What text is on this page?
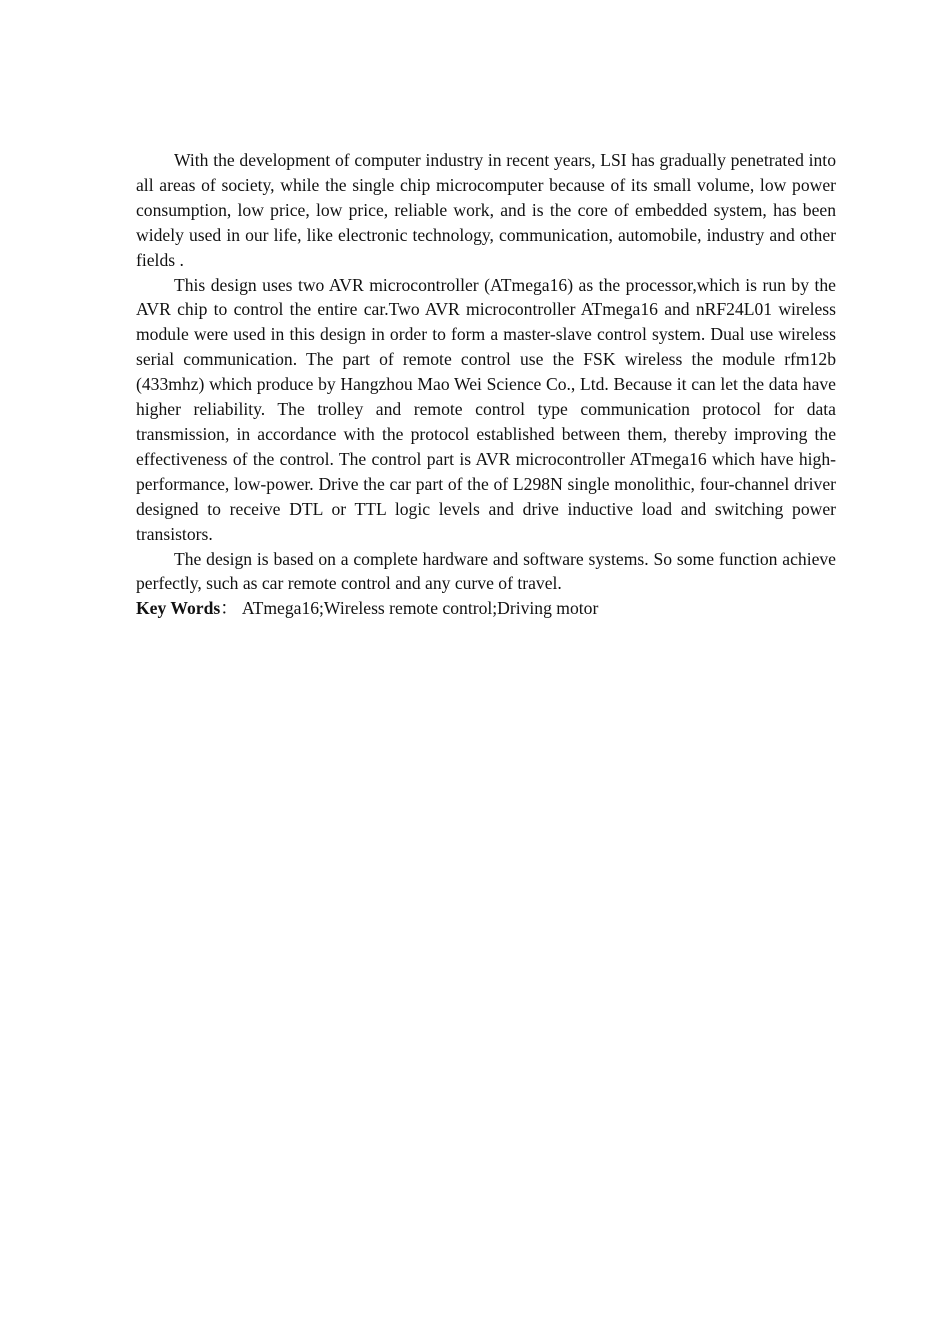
With the development of computer industry in recent years, LSI has gradually penetrated into all areas of society, while the single chip microcomputer because of its small volume, low power consumption, low price, low price, reliable work, and is the core of embedded system, has been widely used in our life, like electronic technology, communication, automobile, industry and other fields .

This design uses two AVR microcontroller (ATmega16) as the processor,which is run by the AVR chip to control the entire car.Two AVR microcontroller ATmega16 and nRF24L01 wireless module were used in this design in order to form a master-slave control system. Dual use wireless serial communication. The part of remote control use the FSK wireless the module rfm12b (433mhz) which produce by Hangzhou Mao Wei Science Co., Ltd. Because it can let the data have higher reliability. The trolley and remote control type communication protocol for data transmission, in accordance with the protocol established between them, thereby improving the effectiveness of the control. The control part is AVR microcontroller ATmega16 which have high-performance, low-power. Drive the car part of the of L298N single monolithic, four-channel driver designed to receive DTL or TTL logic levels and drive inductive load and switching power transistors.

The design is based on a complete hardware and software systems. So some function achieve perfectly, such as car remote control and any curve of travel.

Key Words： ATmega16;Wireless remote control;Driving motor
